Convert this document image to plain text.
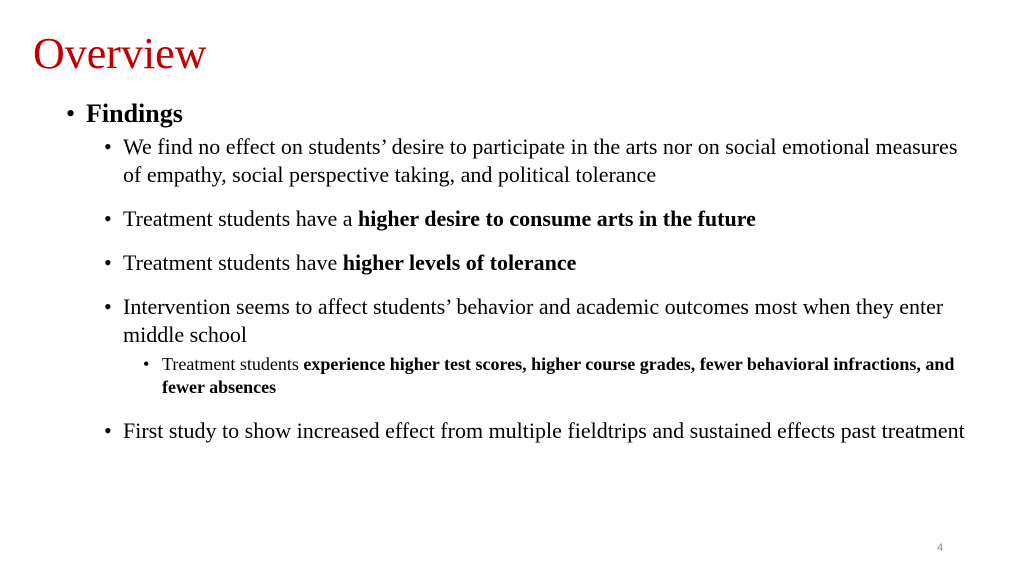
Overview
• Findings
• We find no effect on students’ desire to participate in the arts nor on social emotional measures of empathy, social perspective taking, and political tolerance
• Treatment students have a higher desire to consume arts in the future
• Treatment students have higher levels of tolerance
• Intervention seems to affect students’ behavior and academic outcomes most when they enter middle school
• Treatment students experience higher test scores, higher course grades, fewer behavioral infractions, and fewer absences
• First study to show increased effect from multiple fieldtrips and sustained effects past treatment
4
